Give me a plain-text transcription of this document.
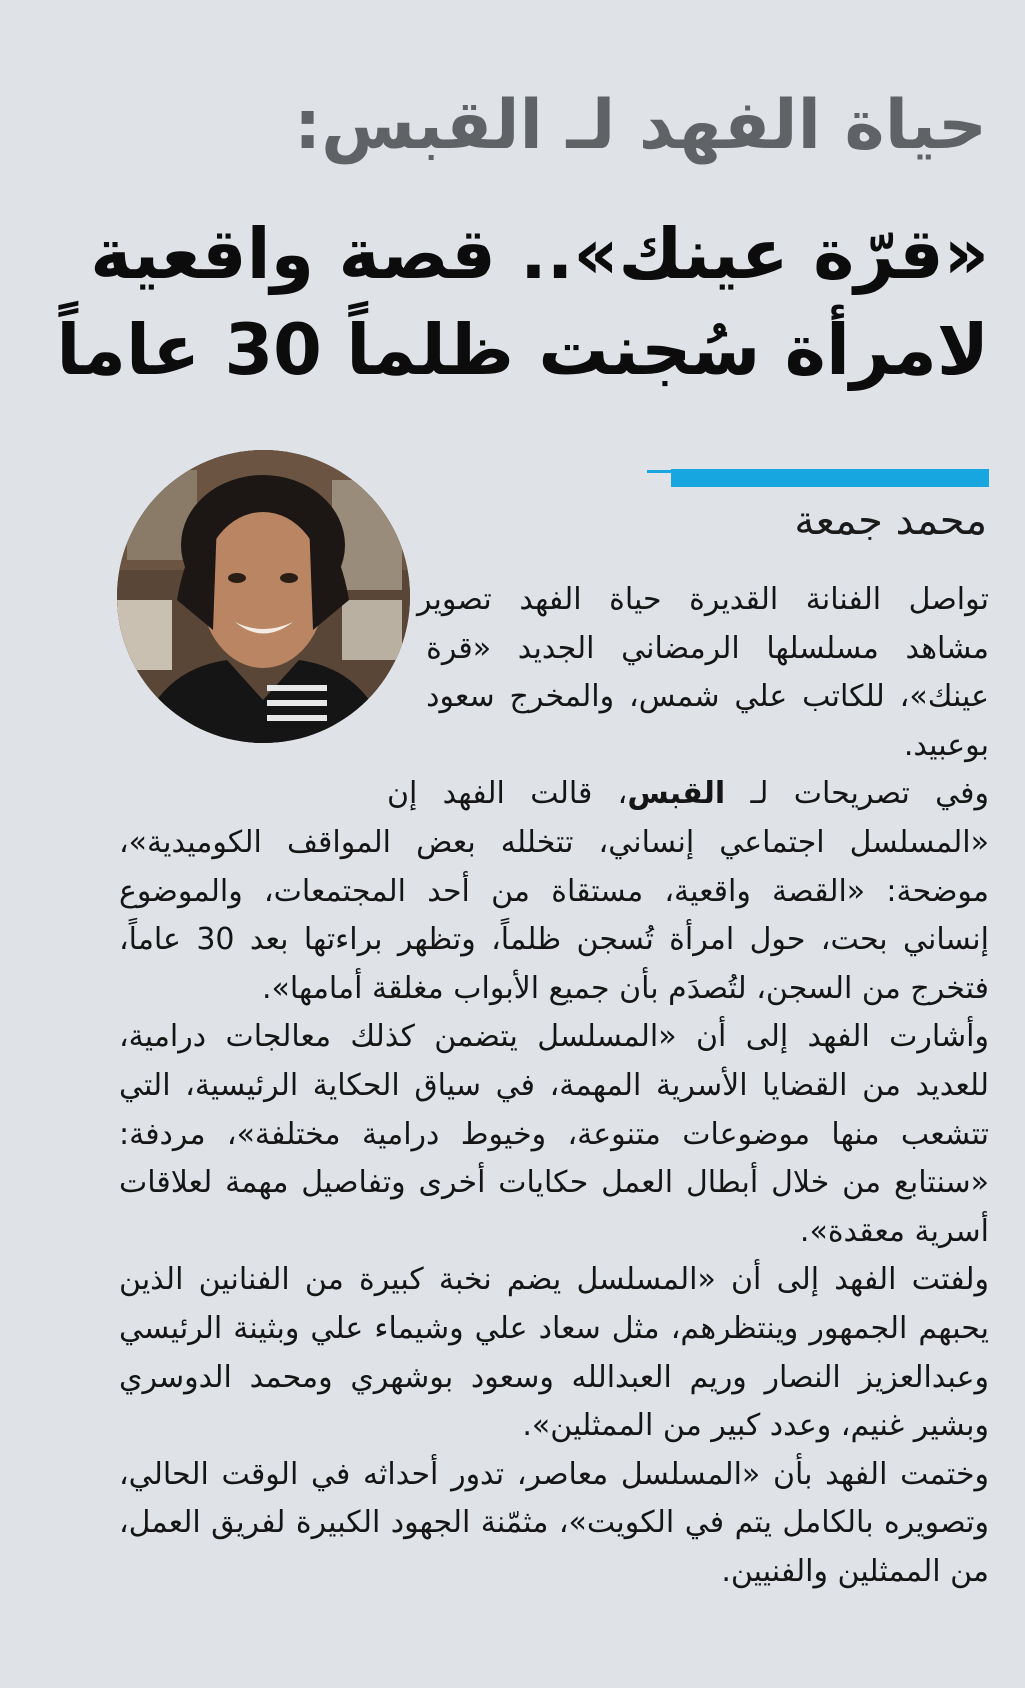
حياة الفهد لـ القبس:
«قرّة عينك».. قصة واقعية
لامرأة سُجنت ظلماً 30 عاماً
محمد جمعة

تواصل الفنانة القديرة حياة الفهد تصوير مشاهد مسلسلها الرمضاني الجديد «قرة عينك»، للكاتب علي شمس، والمخرج سعود بوعبيد.

وفي تصريحات لـ القبس، قالت الفهد إن «المسلسل اجتماعي إنساني، تتخلله بعض المواقف الكوميدية»، موضحة: «القصة واقعية، مستقاة من أحد المجتمعات، والموضوع إنساني بحت، حول امرأة تُسجن ظلماً، وتظهر براءتها بعد 30 عاماً، فتخرج من السجن، لتُصدَم بأن جميع الأبواب مغلقة أمامها».

وأشارت الفهد إلى أن «المسلسل يتضمن كذلك معالجات درامية، للعديد من القضايا الأسرية المهمة، في سياق الحكاية الرئيسية، التي تتشعب منها موضوعات متنوعة، وخيوط درامية مختلفة»، مردفة: «سنتابع من خلال أبطال العمل حكايات أخرى وتفاصيل مهمة لعلاقات أسرية معقدة».

ولفتت الفهد إلى أن «المسلسل يضم نخبة كبيرة من الفنانين الذين يحبهم الجمهور وينتظرهم، مثل سعاد علي وشيماء علي وبثينة الرئيسي وعبدالعزيز النصار وريم العبدالله وسعود بوشهري ومحمد الدوسري وبشير غنيم، وعدد كبير من الممثلين».

وختمت الفهد بأن «المسلسل معاصر، تدور أحداثه في الوقت الحالي، وتصويره بالكامل يتم في الكويت»، مثمّنة الجهود الكبيرة لفريق العمل، من الممثلين والفنيين.
